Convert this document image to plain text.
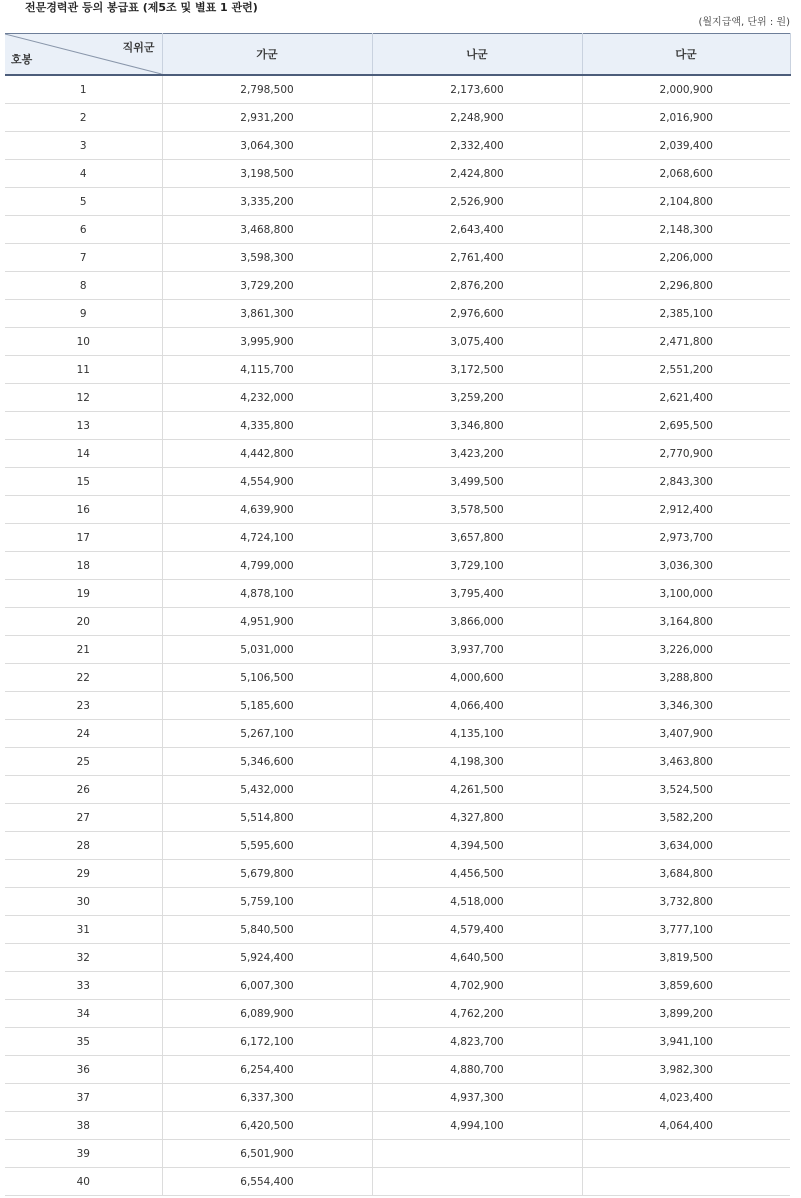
전문경력관 등의 봉급표 (제5조 및 별표 1 관련)
(월지급액, 단위 : 원)
직위군
호봉	가군	나군	다군
1	2,798,500	2,173,600	2,000,900
2	2,931,200	2,248,900	2,016,900
3	3,064,300	2,332,400	2,039,400
4	3,198,500	2,424,800	2,068,600
5	3,335,200	2,526,900	2,104,800
6	3,468,800	2,643,400	2,148,300
7	3,598,300	2,761,400	2,206,000
8	3,729,200	2,876,200	2,296,800
9	3,861,300	2,976,600	2,385,100
10	3,995,900	3,075,400	2,471,800
11	4,115,700	3,172,500	2,551,200
12	4,232,000	3,259,200	2,621,400
13	4,335,800	3,346,800	2,695,500
14	4,442,800	3,423,200	2,770,900
15	4,554,900	3,499,500	2,843,300
16	4,639,900	3,578,500	2,912,400
17	4,724,100	3,657,800	2,973,700
18	4,799,000	3,729,100	3,036,300
19	4,878,100	3,795,400	3,100,000
20	4,951,900	3,866,000	3,164,800
21	5,031,000	3,937,700	3,226,000
22	5,106,500	4,000,600	3,288,800
23	5,185,600	4,066,400	3,346,300
24	5,267,100	4,135,100	3,407,900
25	5,346,600	4,198,300	3,463,800
26	5,432,000	4,261,500	3,524,500
27	5,514,800	4,327,800	3,582,200
28	5,595,600	4,394,500	3,634,000
29	5,679,800	4,456,500	3,684,800
30	5,759,100	4,518,000	3,732,800
31	5,840,500	4,579,400	3,777,100
32	5,924,400	4,640,500	3,819,500
33	6,007,300	4,702,900	3,859,600
34	6,089,900	4,762,200	3,899,200
35	6,172,100	4,823,700	3,941,100
36	6,254,400	4,880,700	3,982,300
37	6,337,300	4,937,300	4,023,400
38	6,420,500	4,994,100	4,064,400
39	6,501,900		
40	6,554,400		
